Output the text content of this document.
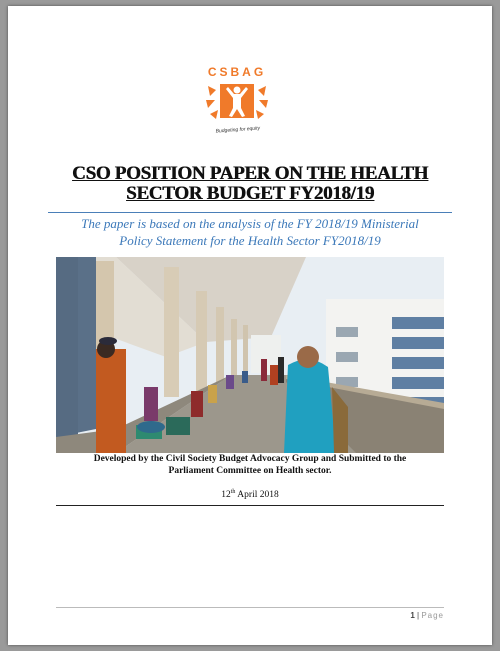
CSBAG
Budgeting for equity
CSO POSITION PAPER ON THE HEALTH
SECTOR BUDGET FY2018/19
The paper is based on the analysis of the FY 2018/19 Ministerial
Policy Statement for the Health Sector FY2018/19
Developed by the Civil Society Budget Advocacy Group and Submitted to the
Parliament Committee on Health sector.
12th April 2018
1 | Page
